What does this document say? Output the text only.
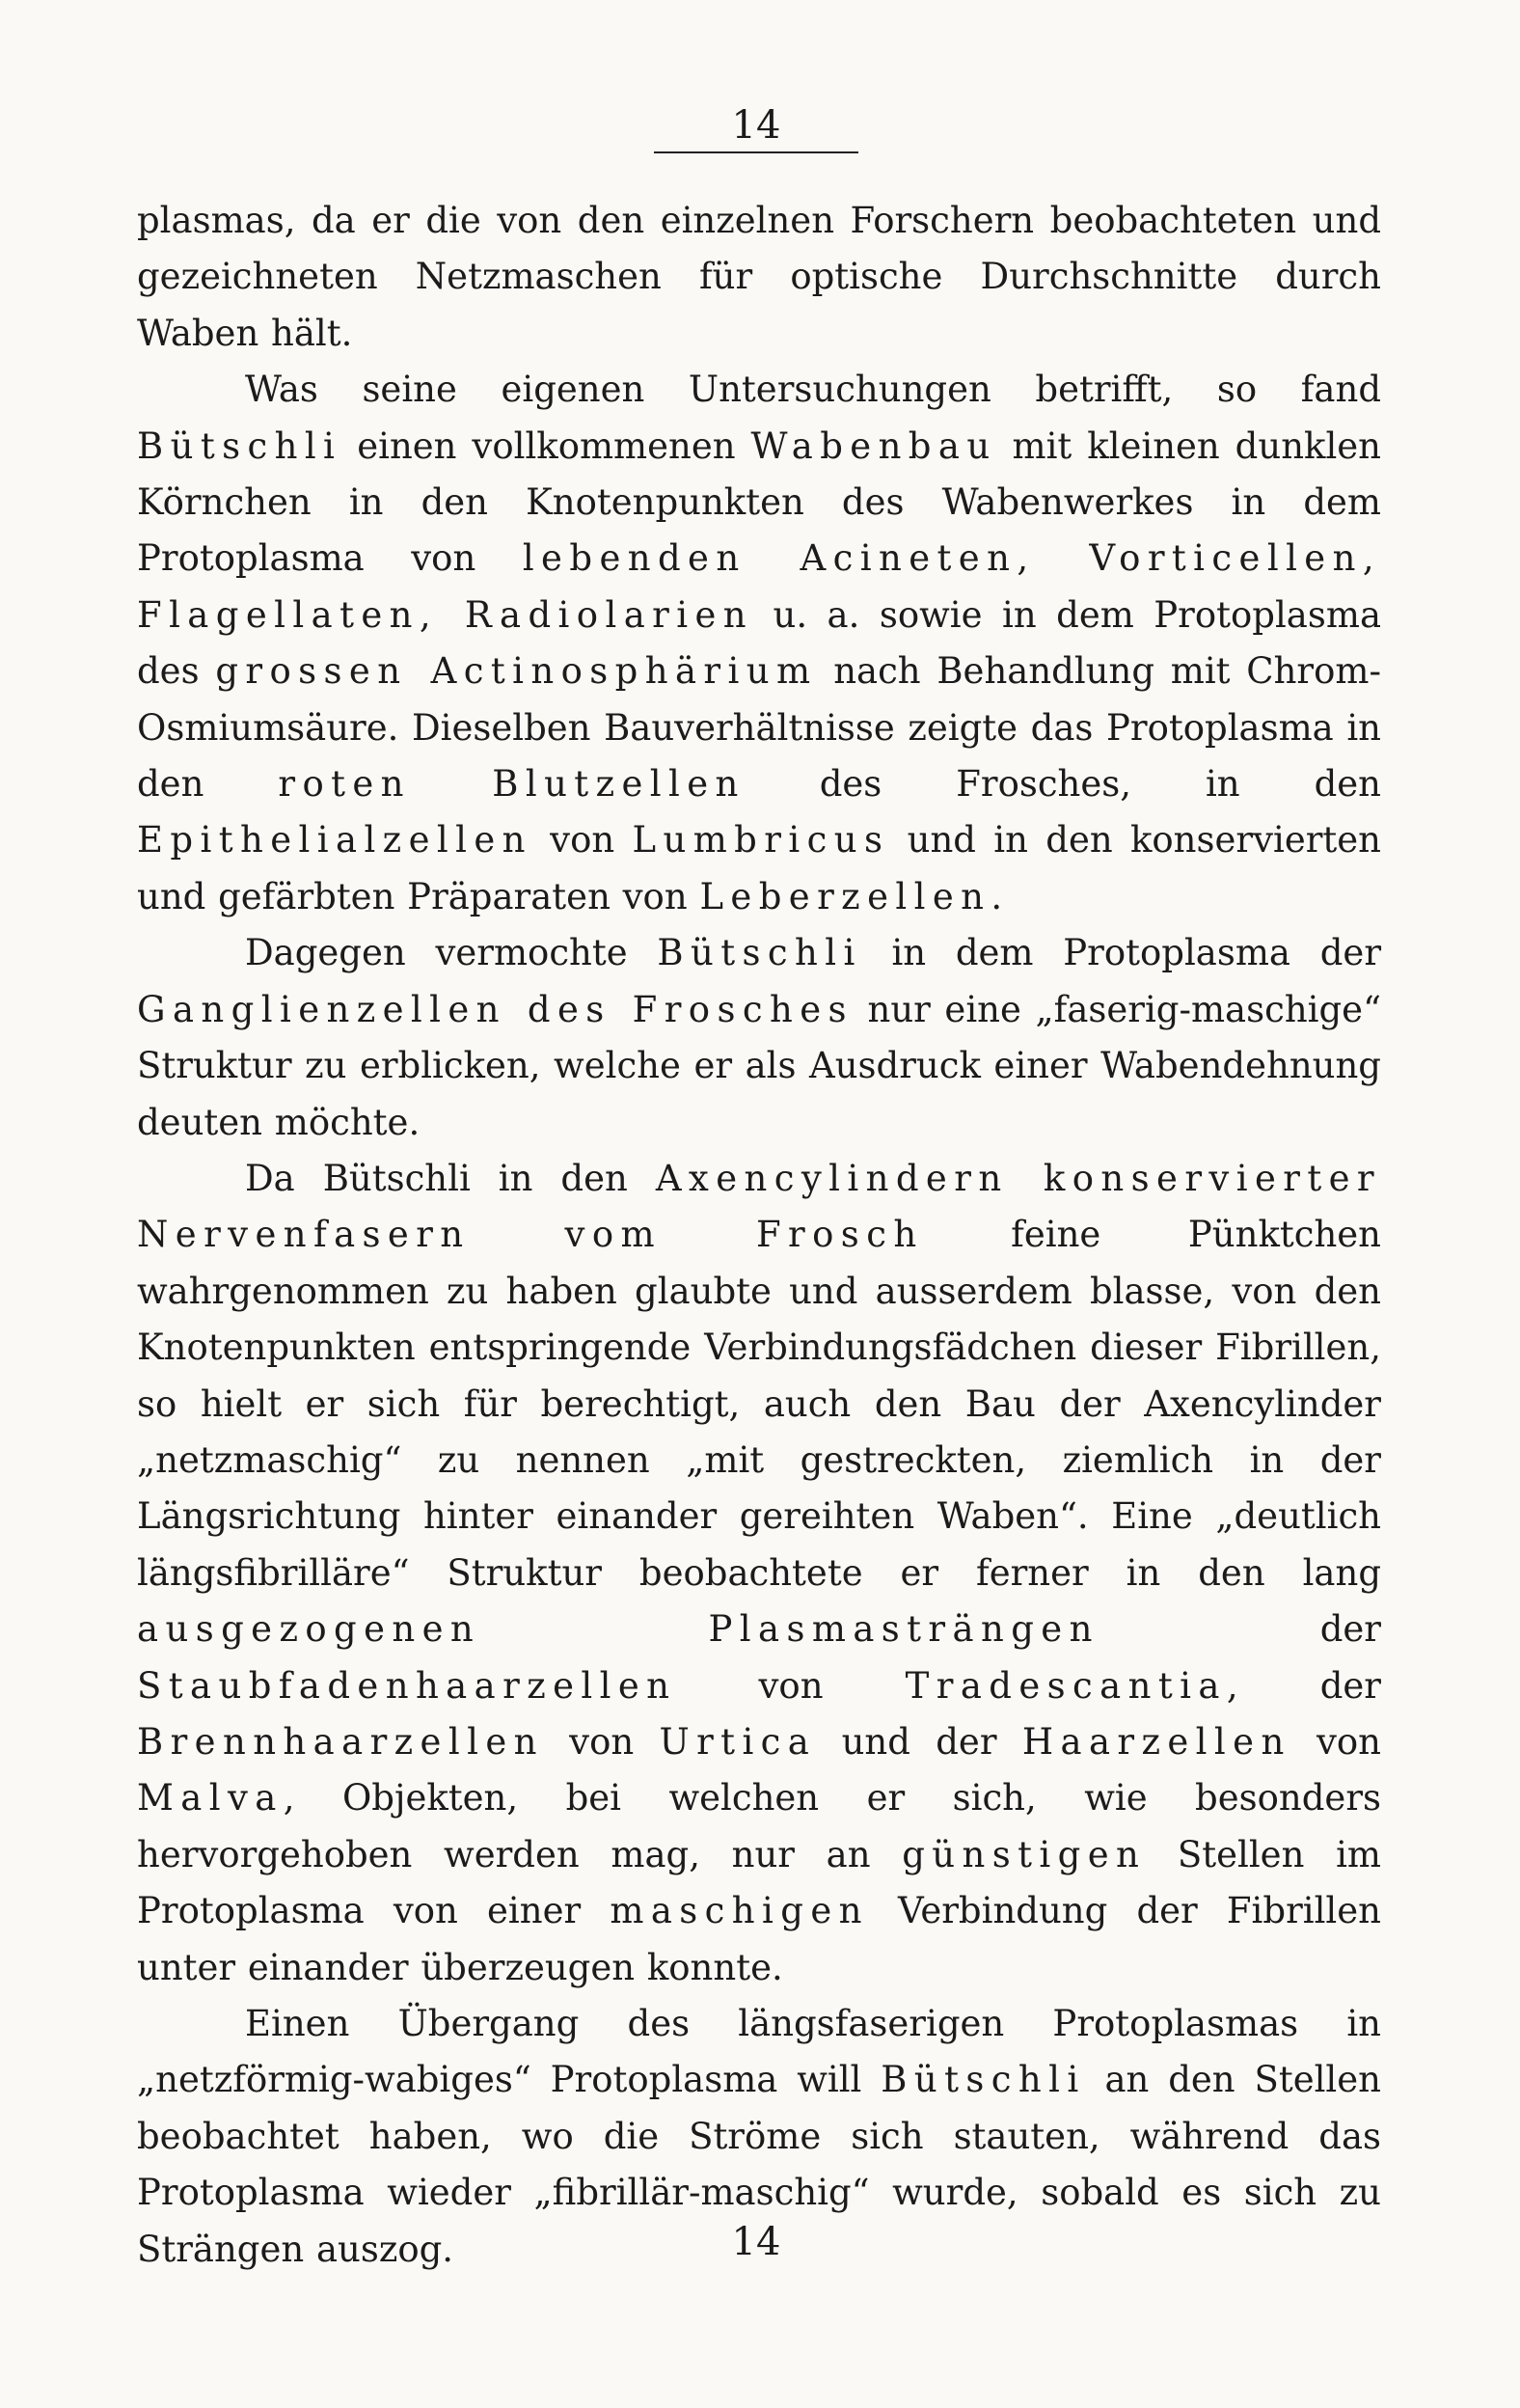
14

plasmas, da er die von den einzelnen Forschern beobachteten und gezeichneten Netzmaschen für optische Durchschnitte durch Waben hält.

Was seine eigenen Untersuchungen betrifft, so fand Bütschli einen vollkommenen Wabenbau mit kleinen dunklen Körnchen in den Knotenpunkten des Wabenwerkes in dem Protoplasma von lebenden Acineten, Vorticellen, Flagellaten, Radiolarien u. a. sowie in dem Protoplasma des grossen Actinosphärium nach Behandlung mit Chrom-Osmiumsäure. Dieselben Bauverhältnisse zeigte das Protoplasma in den roten Blutzellen des Frosches, in den Epithelialzellen von Lumbricus und in den konservierten und gefärbten Präparaten von Leberzellen.

Dagegen vermochte Bütschli in dem Protoplasma der Ganglienzellen des Frosches nur eine „faserig-maschige“ Struktur zu erblicken, welche er als Ausdruck einer Wabendehnung deuten möchte.

Da Bütschli in den Axencylindern konservierter Nervenfasern vom Frosch feine Pünktchen wahrgenommen zu haben glaubte und ausserdem blasse, von den Knotenpunkten entspringende Verbindungsfädchen dieser Fibrillen, so hielt er sich für berechtigt, auch den Bau der Axencylinder „netzmaschig“ zu nennen „mit gestreckten, ziemlich in der Längsrichtung hinter einander gereihten Waben“. Eine „deutlich längsfibrilläre“ Struktur beobachtete er ferner in den lang ausgezogenen Plasmasträngen der Staubfadenhaarzellen von Tradescantia, der Brennhaarzellen von Urtica und der Haarzellen von Malva, Objekten, bei welchen er sich, wie besonders hervorgehoben werden mag, nur an günstigen Stellen im Protoplasma von einer maschigen Verbindung der Fibrillen unter einander überzeugen konnte.

Einen Übergang des längsfaserigen Protoplasmas in „netzförmig-wabiges“ Protoplasma will Bütschli an den Stellen beobachtet haben, wo die Ströme sich stauten, während das Protoplasma wieder „fibrillär-maschig“ wurde, sobald es sich zu Strängen auszog.	14
